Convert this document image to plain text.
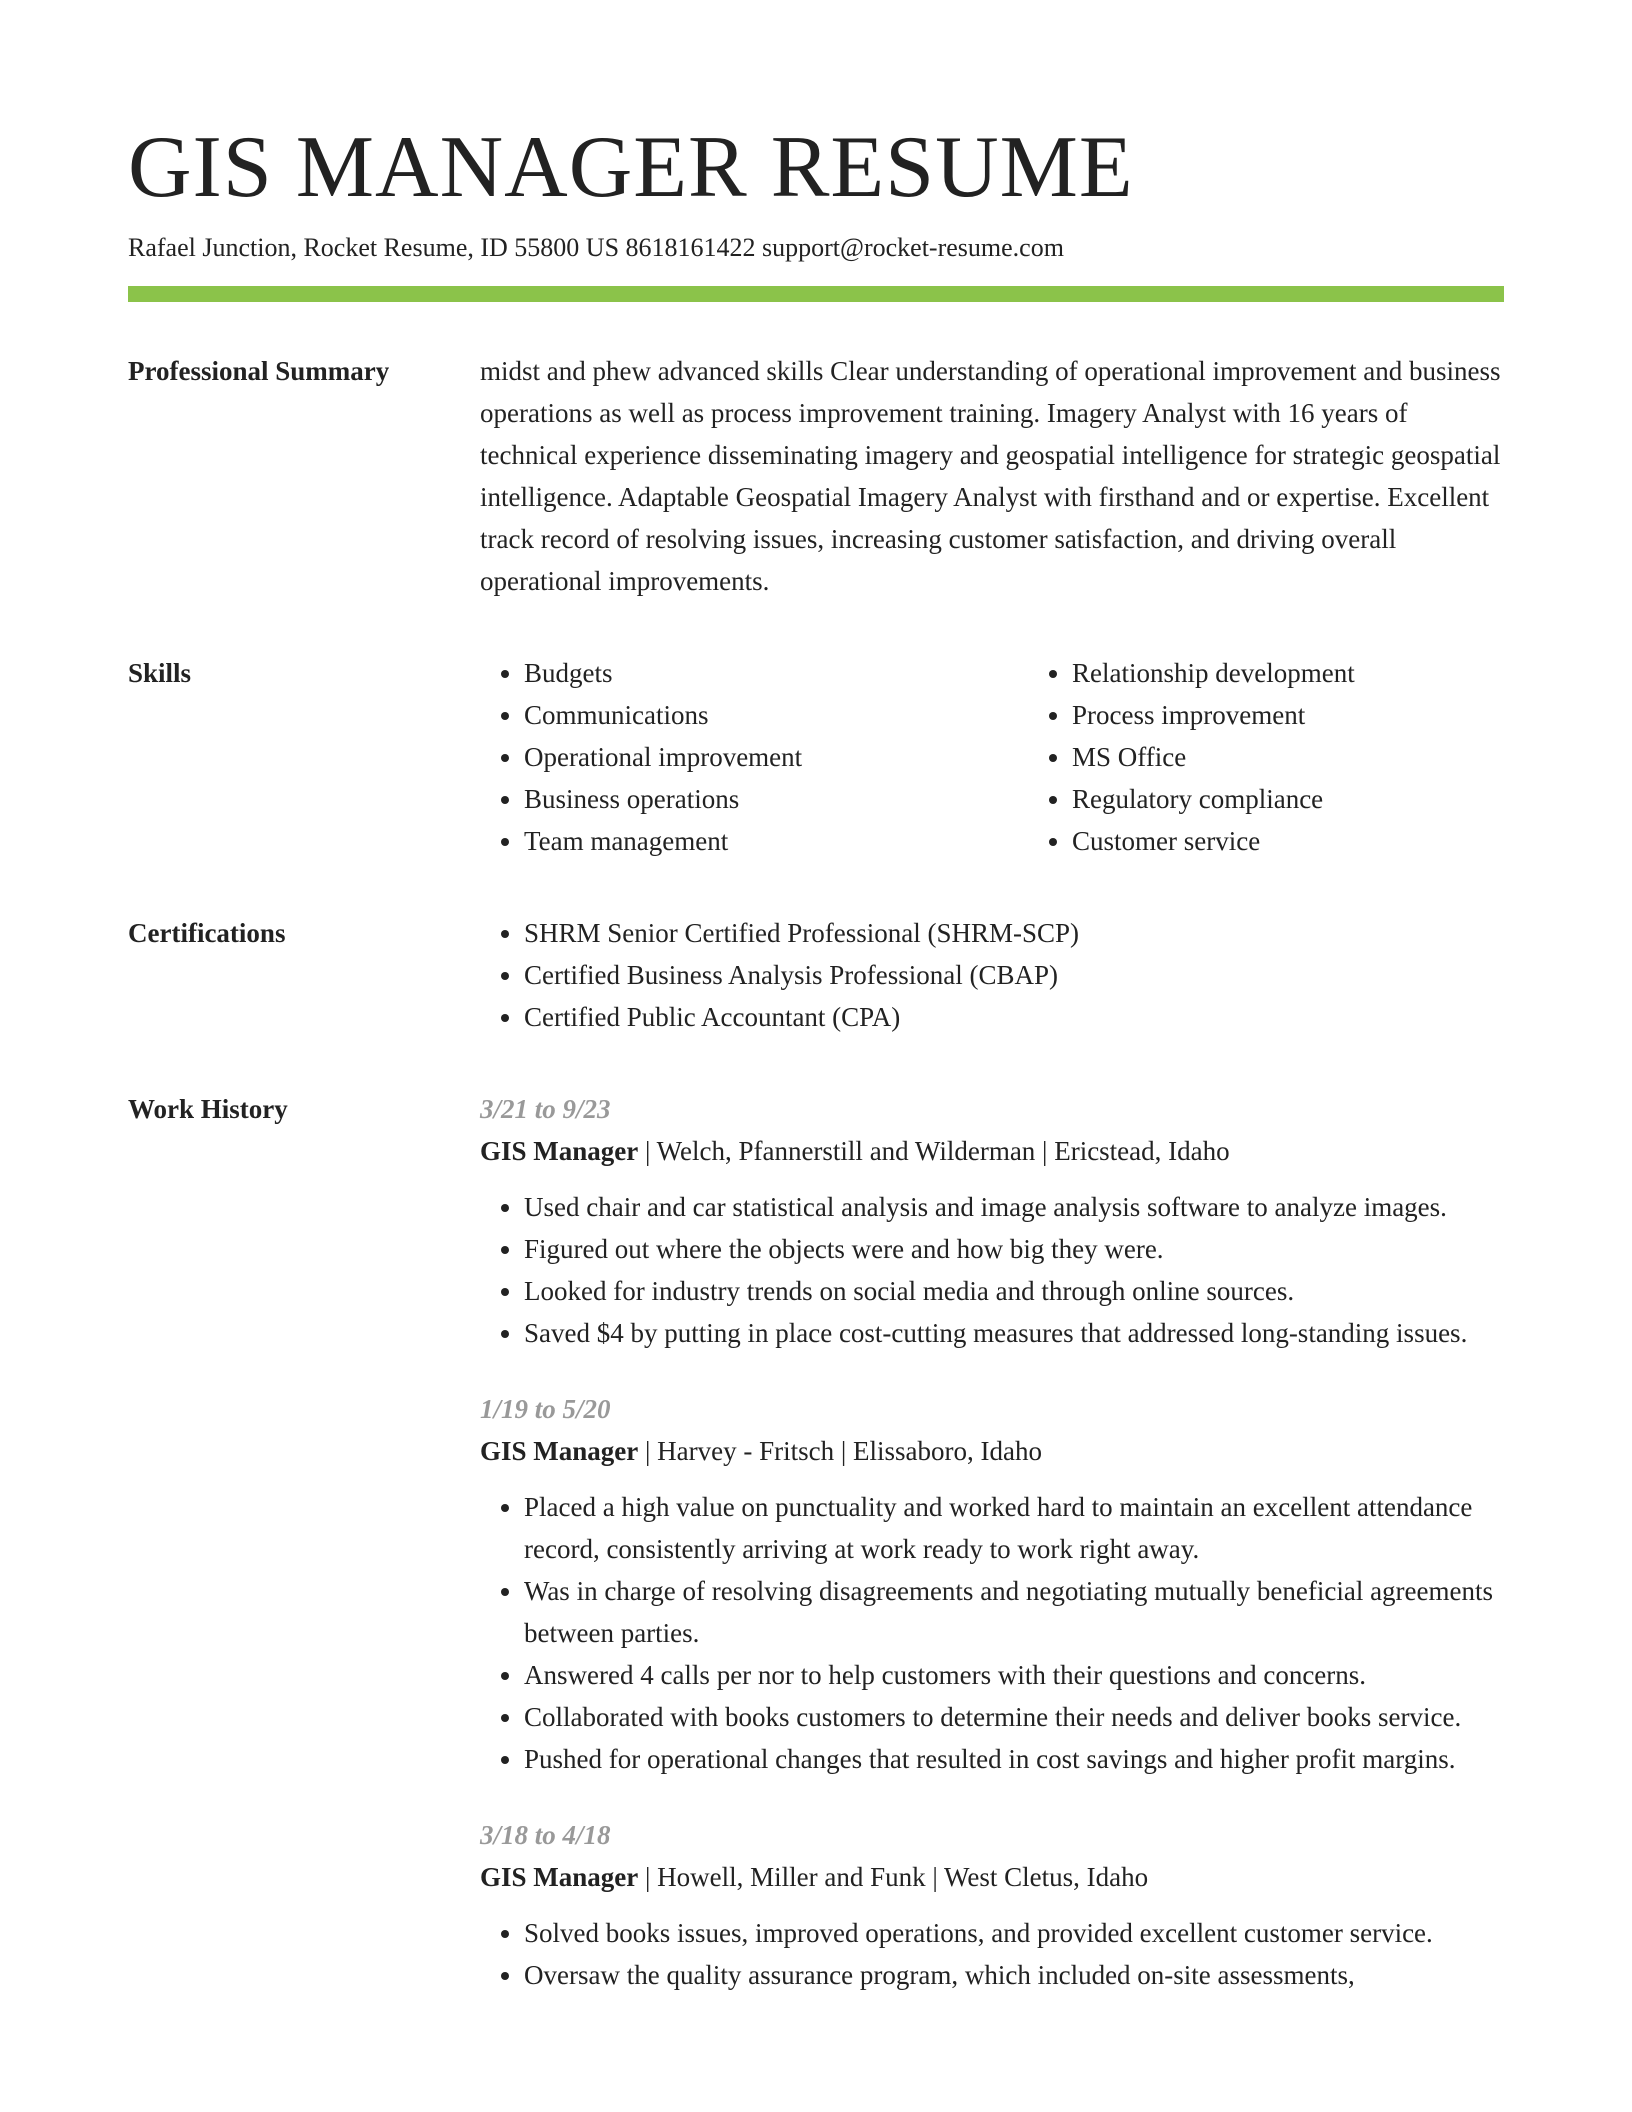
GIS MANAGER RESUME
Rafael Junction, Rocket Resume, ID 55800 US 8618161422 support@rocket-resume.com
Professional Summary	midst and phew advanced skills Clear understanding of operational improvement and business operations as well as process improvement training. Imagery Analyst with 16 years of technical experience disseminating imagery and geospatial intelligence for strategic geospatial intelligence. Adaptable Geospatial Imagery Analyst with firsthand and or expertise. Excellent track record of resolving issues, increasing customer satisfaction, and driving overall operational improvements.

Skills	• Budgets
• Communications
• Operational improvement
• Business operations
• Team management
• Relationship development
• Process improvement
• MS Office
• Regulatory compliance
• Customer service
Certifications	• SHRM Senior Certified Professional (SHRM-SCP)
• Certified Business Analysis Professional (CBAP)
• Certified Public Accountant (CPA)
Work History	3/21 to 9/23
GIS Manager | Welch, Pfannerstill and Wilderman | Ericstead, Idaho
• Used chair and car statistical analysis and image analysis software to analyze images.
• Figured out where the objects were and how big they were.
• Looked for industry trends on social media and through online sources.
• Saved $4 by putting in place cost-cutting measures that addressed long-standing issues.
1/19 to 5/20
GIS Manager | Harvey - Fritsch | Elissaboro, Idaho
• Placed a high value on punctuality and worked hard to maintain an excellent attendance record, consistently arriving at work ready to work right away.
• Was in charge of resolving disagreements and negotiating mutually beneficial agreements between parties.
• Answered 4 calls per nor to help customers with their questions and concerns.
• Collaborated with books customers to determine their needs and deliver books service.
• Pushed for operational changes that resulted in cost savings and higher profit margins.
3/18 to 4/18
GIS Manager | Howell, Miller and Funk | West Cletus, Idaho
• Solved books issues, improved operations, and provided excellent customer service.
• Oversaw the quality assurance program, which included on-site assessments,
